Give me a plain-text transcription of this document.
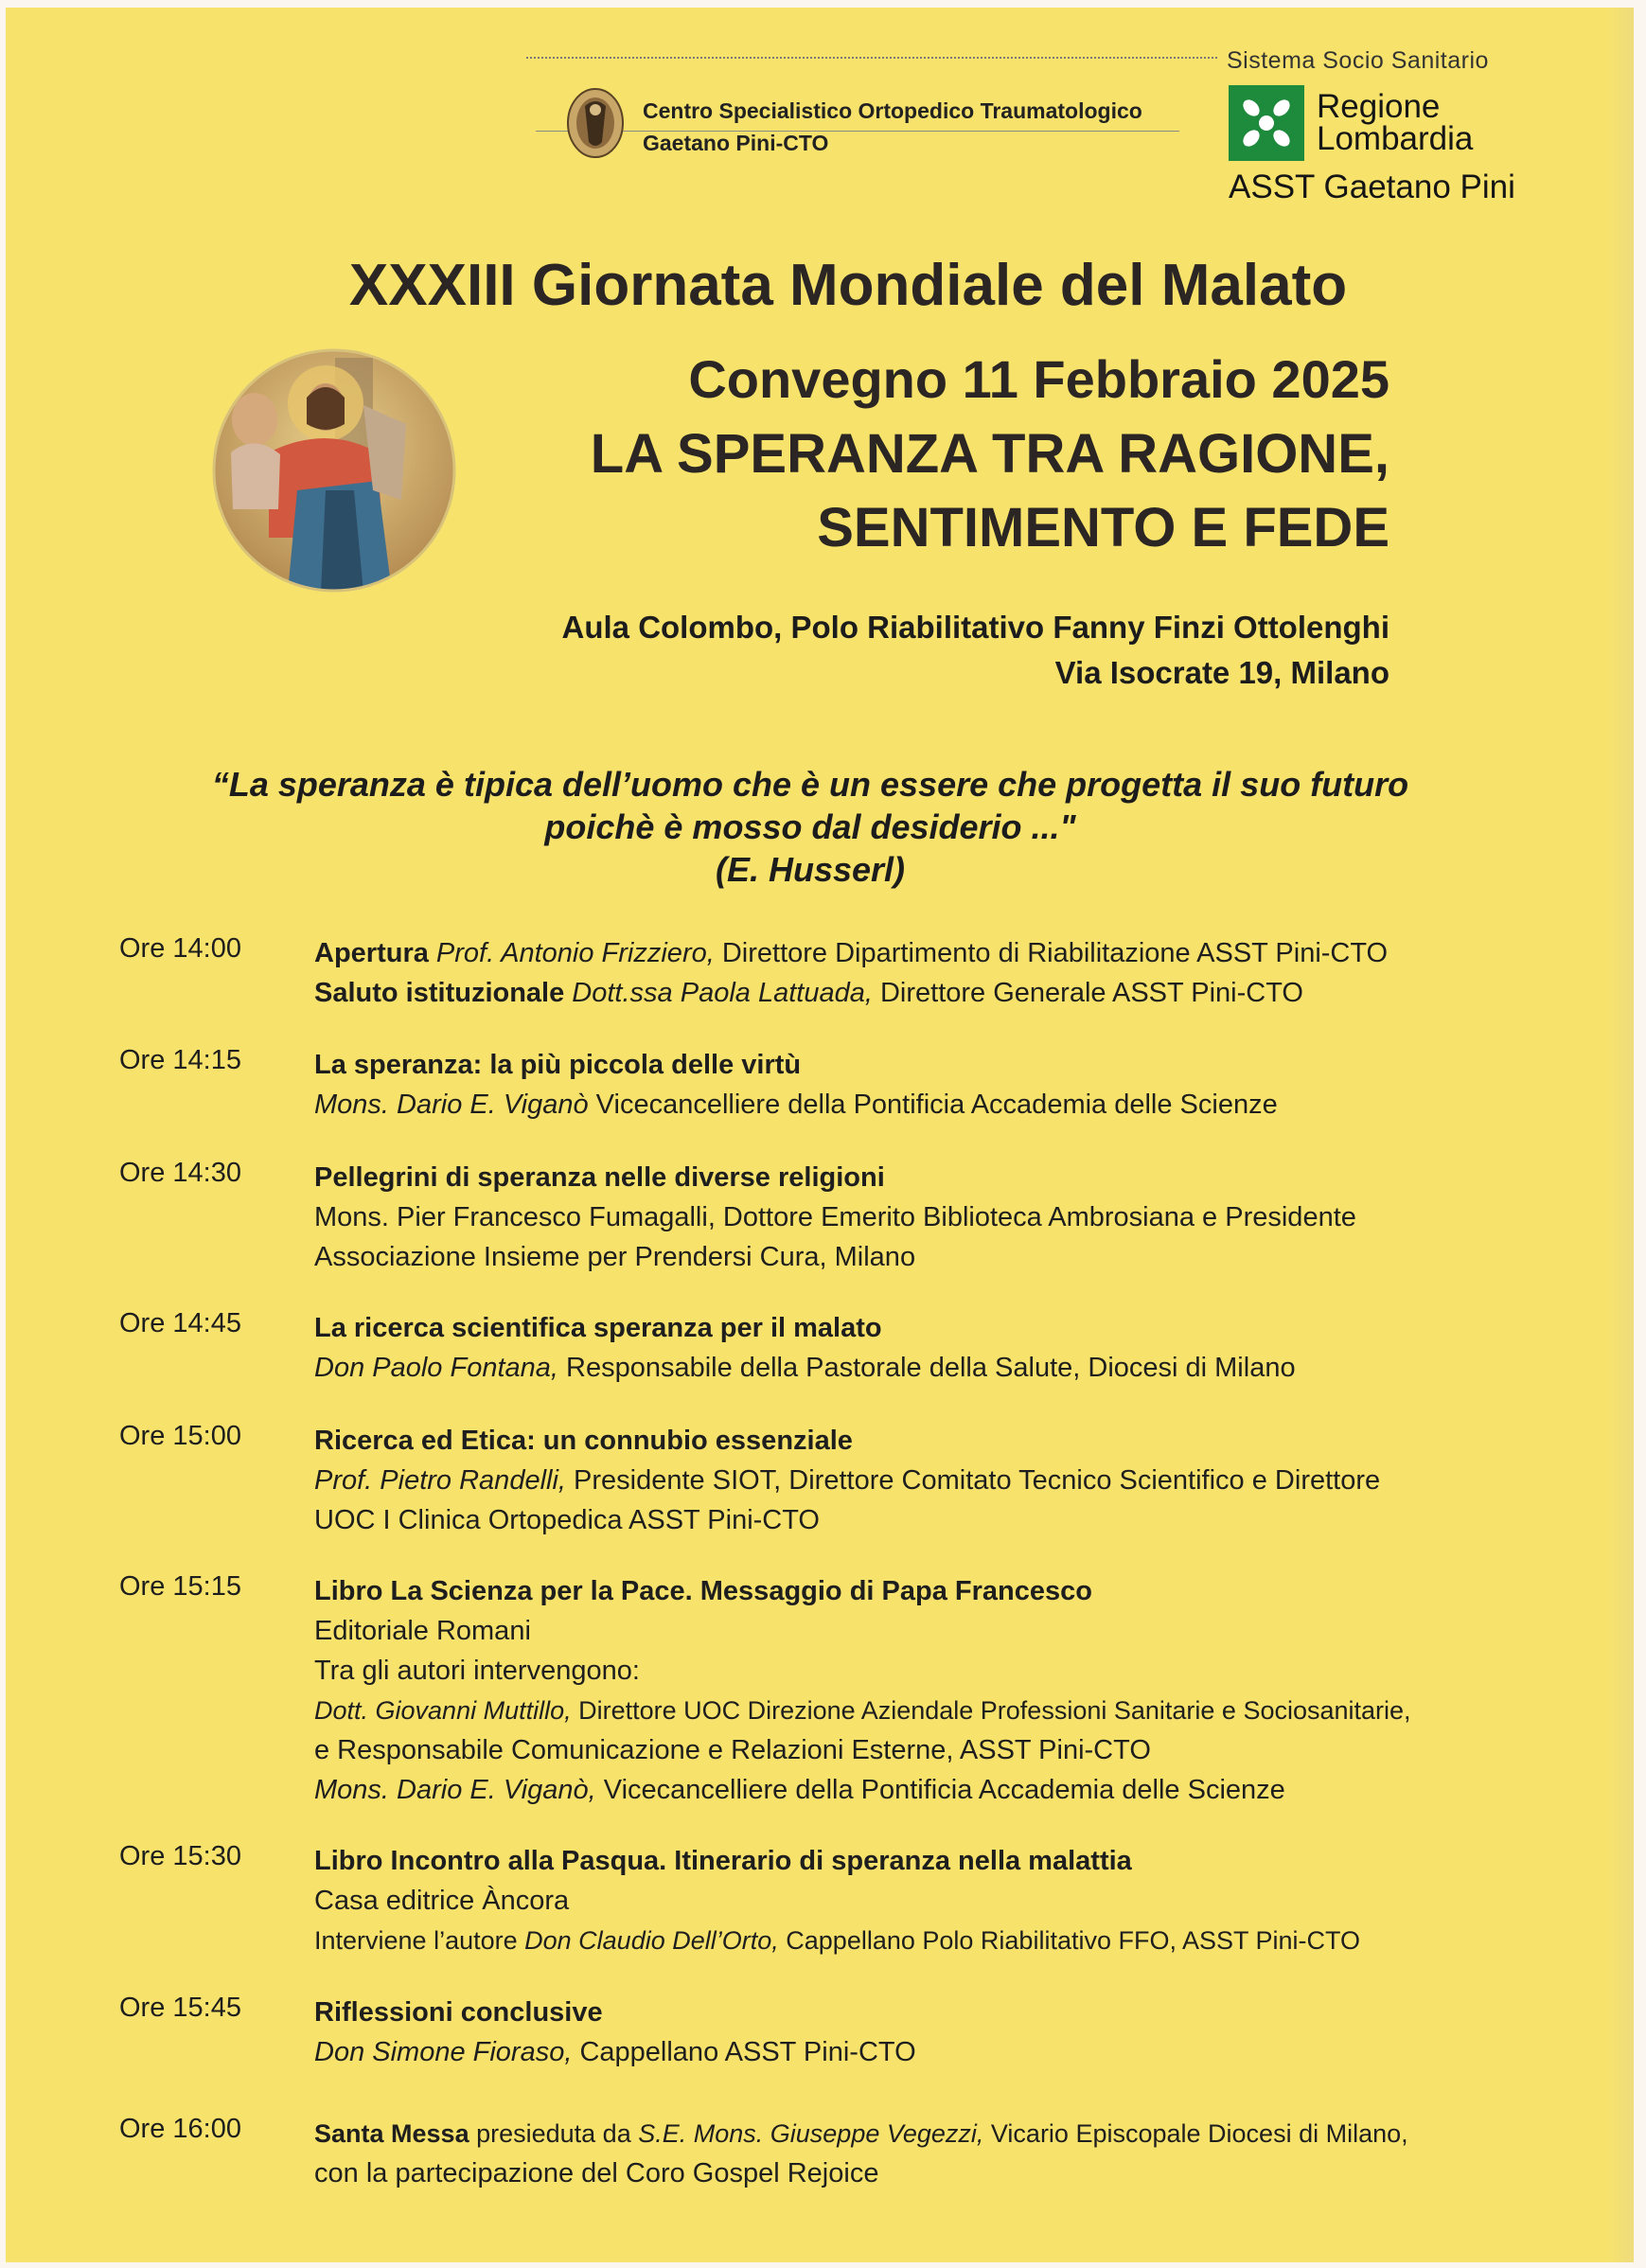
Centro Specialistico Ortopedico Traumatologico
Gaetano Pini-CTO
Sistema Socio Sanitario
Regione
Lombardia
ASST Gaetano Pini
XXXIII Giornata Mondiale del Malato
Convegno 11 Febbraio 2025
LA SPERANZA TRA RAGIONE,
SENTIMENTO E FEDE
Aula Colombo, Polo Riabilitativo Fanny Finzi Ottolenghi
Via Isocrate 19, Milano
“La speranza è tipica dell’uomo che è un essere che progetta il suo futuro
poichè è mosso dal desiderio ..."
(E. Husserl)
Ore 14:00	Apertura Prof. Antonio Frizziero, Direttore Dipartimento di Riabilitazione ASST Pini-CTO
Saluto istituzionale Dott.ssa Paola Lattuada, Direttore Generale ASST Pini-CTO
Ore 14:15	La speranza: la più piccola delle virtù
Mons. Dario E. Viganò Vicecancelliere della Pontificia Accademia delle Scienze
Ore 14:30	Pellegrini di speranza nelle diverse religioni
Mons. Pier Francesco Fumagalli, Dottore Emerito Biblioteca Ambrosiana e Presidente
Associazione Insieme per Prendersi Cura, Milano
Ore 14:45	La ricerca scientifica speranza per il malato
Don Paolo Fontana, Responsabile della Pastorale della Salute, Diocesi di Milano
Ore 15:00	Ricerca ed Etica: un connubio essenziale
Prof. Pietro Randelli, Presidente SIOT, Direttore Comitato Tecnico Scientifico e Direttore
UOC I Clinica Ortopedica ASST Pini-CTO
Ore 15:15	Libro La Scienza per la Pace. Messaggio di Papa Francesco
Editoriale Romani
Tra gli autori intervengono:
Dott. Giovanni Muttillo, Direttore UOC Direzione Aziendale Professioni Sanitarie e Sociosanitarie,
e Responsabile Comunicazione e Relazioni Esterne, ASST Pini-CTO
Mons. Dario E. Viganò, Vicecancelliere della Pontificia Accademia delle Scienze
Ore 15:30	Libro Incontro alla Pasqua. Itinerario di speranza nella malattia
Casa editrice Àncora
Interviene l’autore Don Claudio Dell’Orto, Cappellano Polo Riabilitativo FFO, ASST Pini-CTO
Ore 15:45	Riflessioni conclusive
Don Simone Fioraso, Cappellano ASST Pini-CTO
Ore 16:00	Santa Messa presieduta da S.E. Mons. Giuseppe Vegezzi, Vicario Episcopale Diocesi di Milano,
con la partecipazione del Coro Gospel Rejoice
